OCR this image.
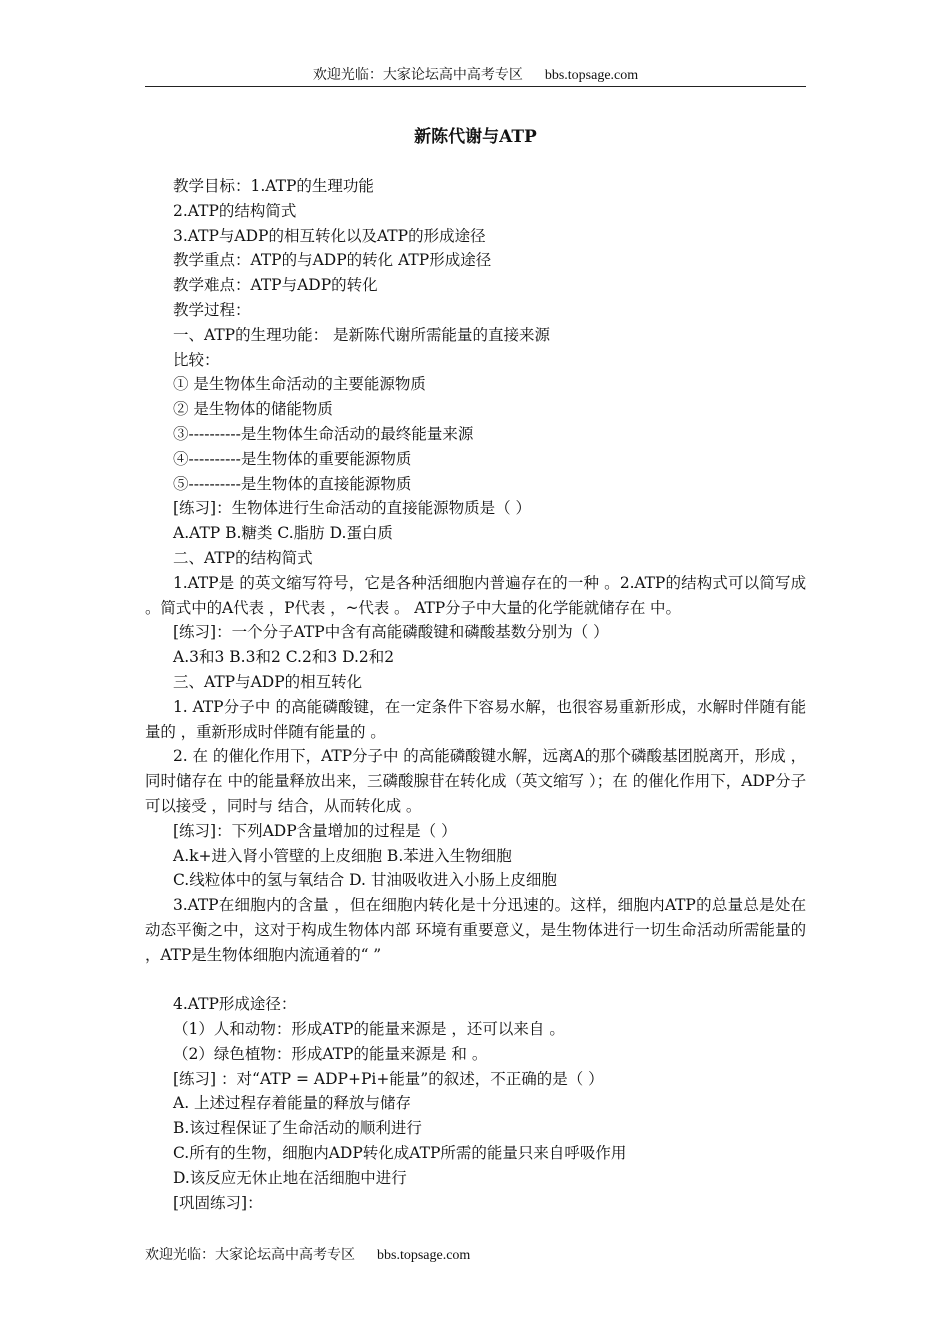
欢迎光临：大家论坛高中高考专区 bbs.topsage.com
新陈代谢与ATP

教学目标：1.ATP的生理功能

2.ATP的结构简式

3.ATP与ADP的相互转化以及ATP的形成途径

教学重点：ATP的与ADP的转化 ATP形成途径

教学难点：ATP与ADP的转化

教学过程：

一、ATP的生理功能： 是新陈代谢所需能量的直接来源

比较：

① 是生物体生命活动的主要能源物质

② 是生物体的储能物质

③----------是生物体生命活动的最终能量来源

④----------是生物体的重要能源物质

⑤----------是生物体的直接能源物质

[练习]：生物体进行生命活动的直接能源物质是（ ）

A.ATP B.糖类 C.脂肪 D.蛋白质

二、ATP的结构简式

1.ATP是 的英文缩写符号，它是各种活细胞内普遍存在的一种 。2.ATP的结构式可以简写成 。简式中的A代表 ，P代表 ，~代表 。 ATP分子中大量的化学能就储存在 中。

[练习]：一个分子ATP中含有高能磷酸键和磷酸基数分别为（ ）

A.3和3 B.3和2 C.2和3 D.2和2

三、ATP与ADP的相互转化

1. ATP分子中 的高能磷酸键，在一定条件下容易水解，也很容易重新形成，水解时伴随有能量的 ，重新形成时伴随有能量的 。

2. 在 的催化作用下，ATP分子中 的高能磷酸键水解，远离A的那个磷酸基团脱离开，形成 ，同时储存在 中的能量释放出来，三磷酸腺苷在转化成（英文缩写 ）；在 的催化作用下，ADP分子可以接受 ，同时与 结合，从而转化成 。

[练习]：下列ADP含量增加的过程是（ ）

A.k+进入肾小管壁的上皮细胞 B.苯进入生物细胞

C.线粒体中的氢与氧结合 D. 甘油吸收进入小肠上皮细胞

3.ATP在细胞内的含量 ，但在细胞内转化是十分迅速的。这样，细胞内ATP的总量总是处在动态平衡之中，这对于构成生物体内部 环境有重要意义，是生物体进行一切生命活动所需能量的 ，ATP是生物体细胞内流通着的“ ”

4.ATP形成途径：

（1）人和动物：形成ATP的能量来源是 ，还可以来自 。

（2）绿色植物：形成ATP的能量来源是 和 。

[练习] ：对“ATP = ADP+Pi+能量”的叙述，不正确的是（ ）

A. 上述过程存着能量的释放与储存

B.该过程保证了生命活动的顺利进行

C.所有的生物，细胞内ADP转化成ATP所需的能量只来自呼吸作用

D.该反应无休止地在活细胞中进行

[巩固练习]：

欢迎光临：大家论坛高中高考专区 bbs.topsage.com
